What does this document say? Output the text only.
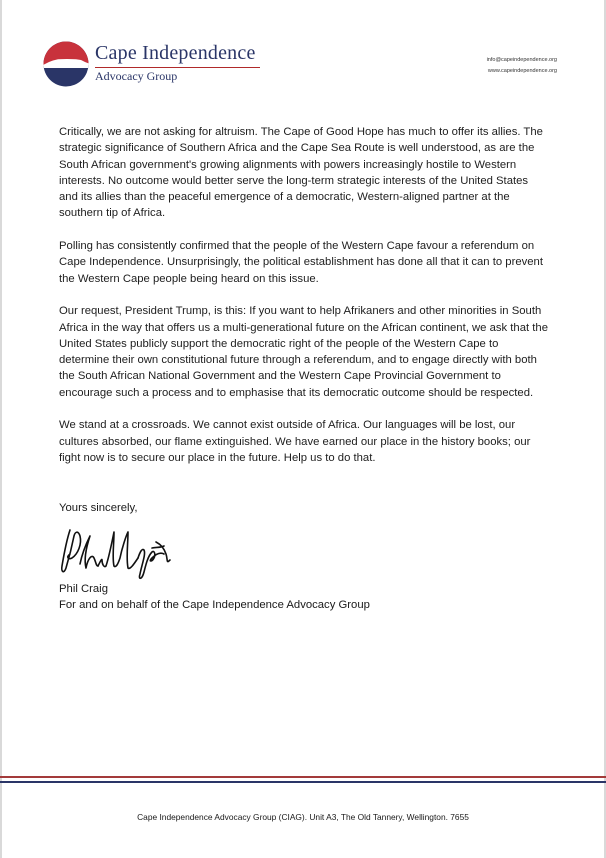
Cape Independence
Advocacy Group
info@capeindependence.org
www.capeindependence.org

Critically, we are not asking for altruism. The Cape of Good Hope has much to offer its allies. The strategic significance of Southern Africa and the Cape Sea Route is well understood, as are the South African government's growing alignments with powers increasingly hostile to Western interests. No outcome would better serve the long-term strategic interests of the United States and its allies than the peaceful emergence of a democratic, Western-aligned partner at the southern tip of Africa.

Polling has consistently confirmed that the people of the Western Cape favour a referendum on Cape Independence. Unsurprisingly, the political establishment has done all that it can to prevent the Western Cape people being heard on this issue.

Our request, President Trump, is this: If you want to help Afrikaners and other minorities in South Africa in the way that offers us a multi-generational future on the African continent, we ask that the United States publicly support the democratic right of the people of the Western Cape to determine their own constitutional future through a referendum, and to engage directly with both the South African National Government and the Western Cape Provincial Government to encourage such a process and to emphasise that its democratic outcome should be respected.

We stand at a crossroads. We cannot exist outside of Africa. Our languages will be lost, our cultures absorbed, our flame extinguished. We have earned our place in the history books; our fight now is to secure our place in the future. Help us to do that.

Yours sincerely,
Phil Craig
For and on behalf of the Cape Independence Advocacy Group
Cape Independence Advocacy Group (CIAG). Unit A3, The Old Tannery, Wellington. 7655
